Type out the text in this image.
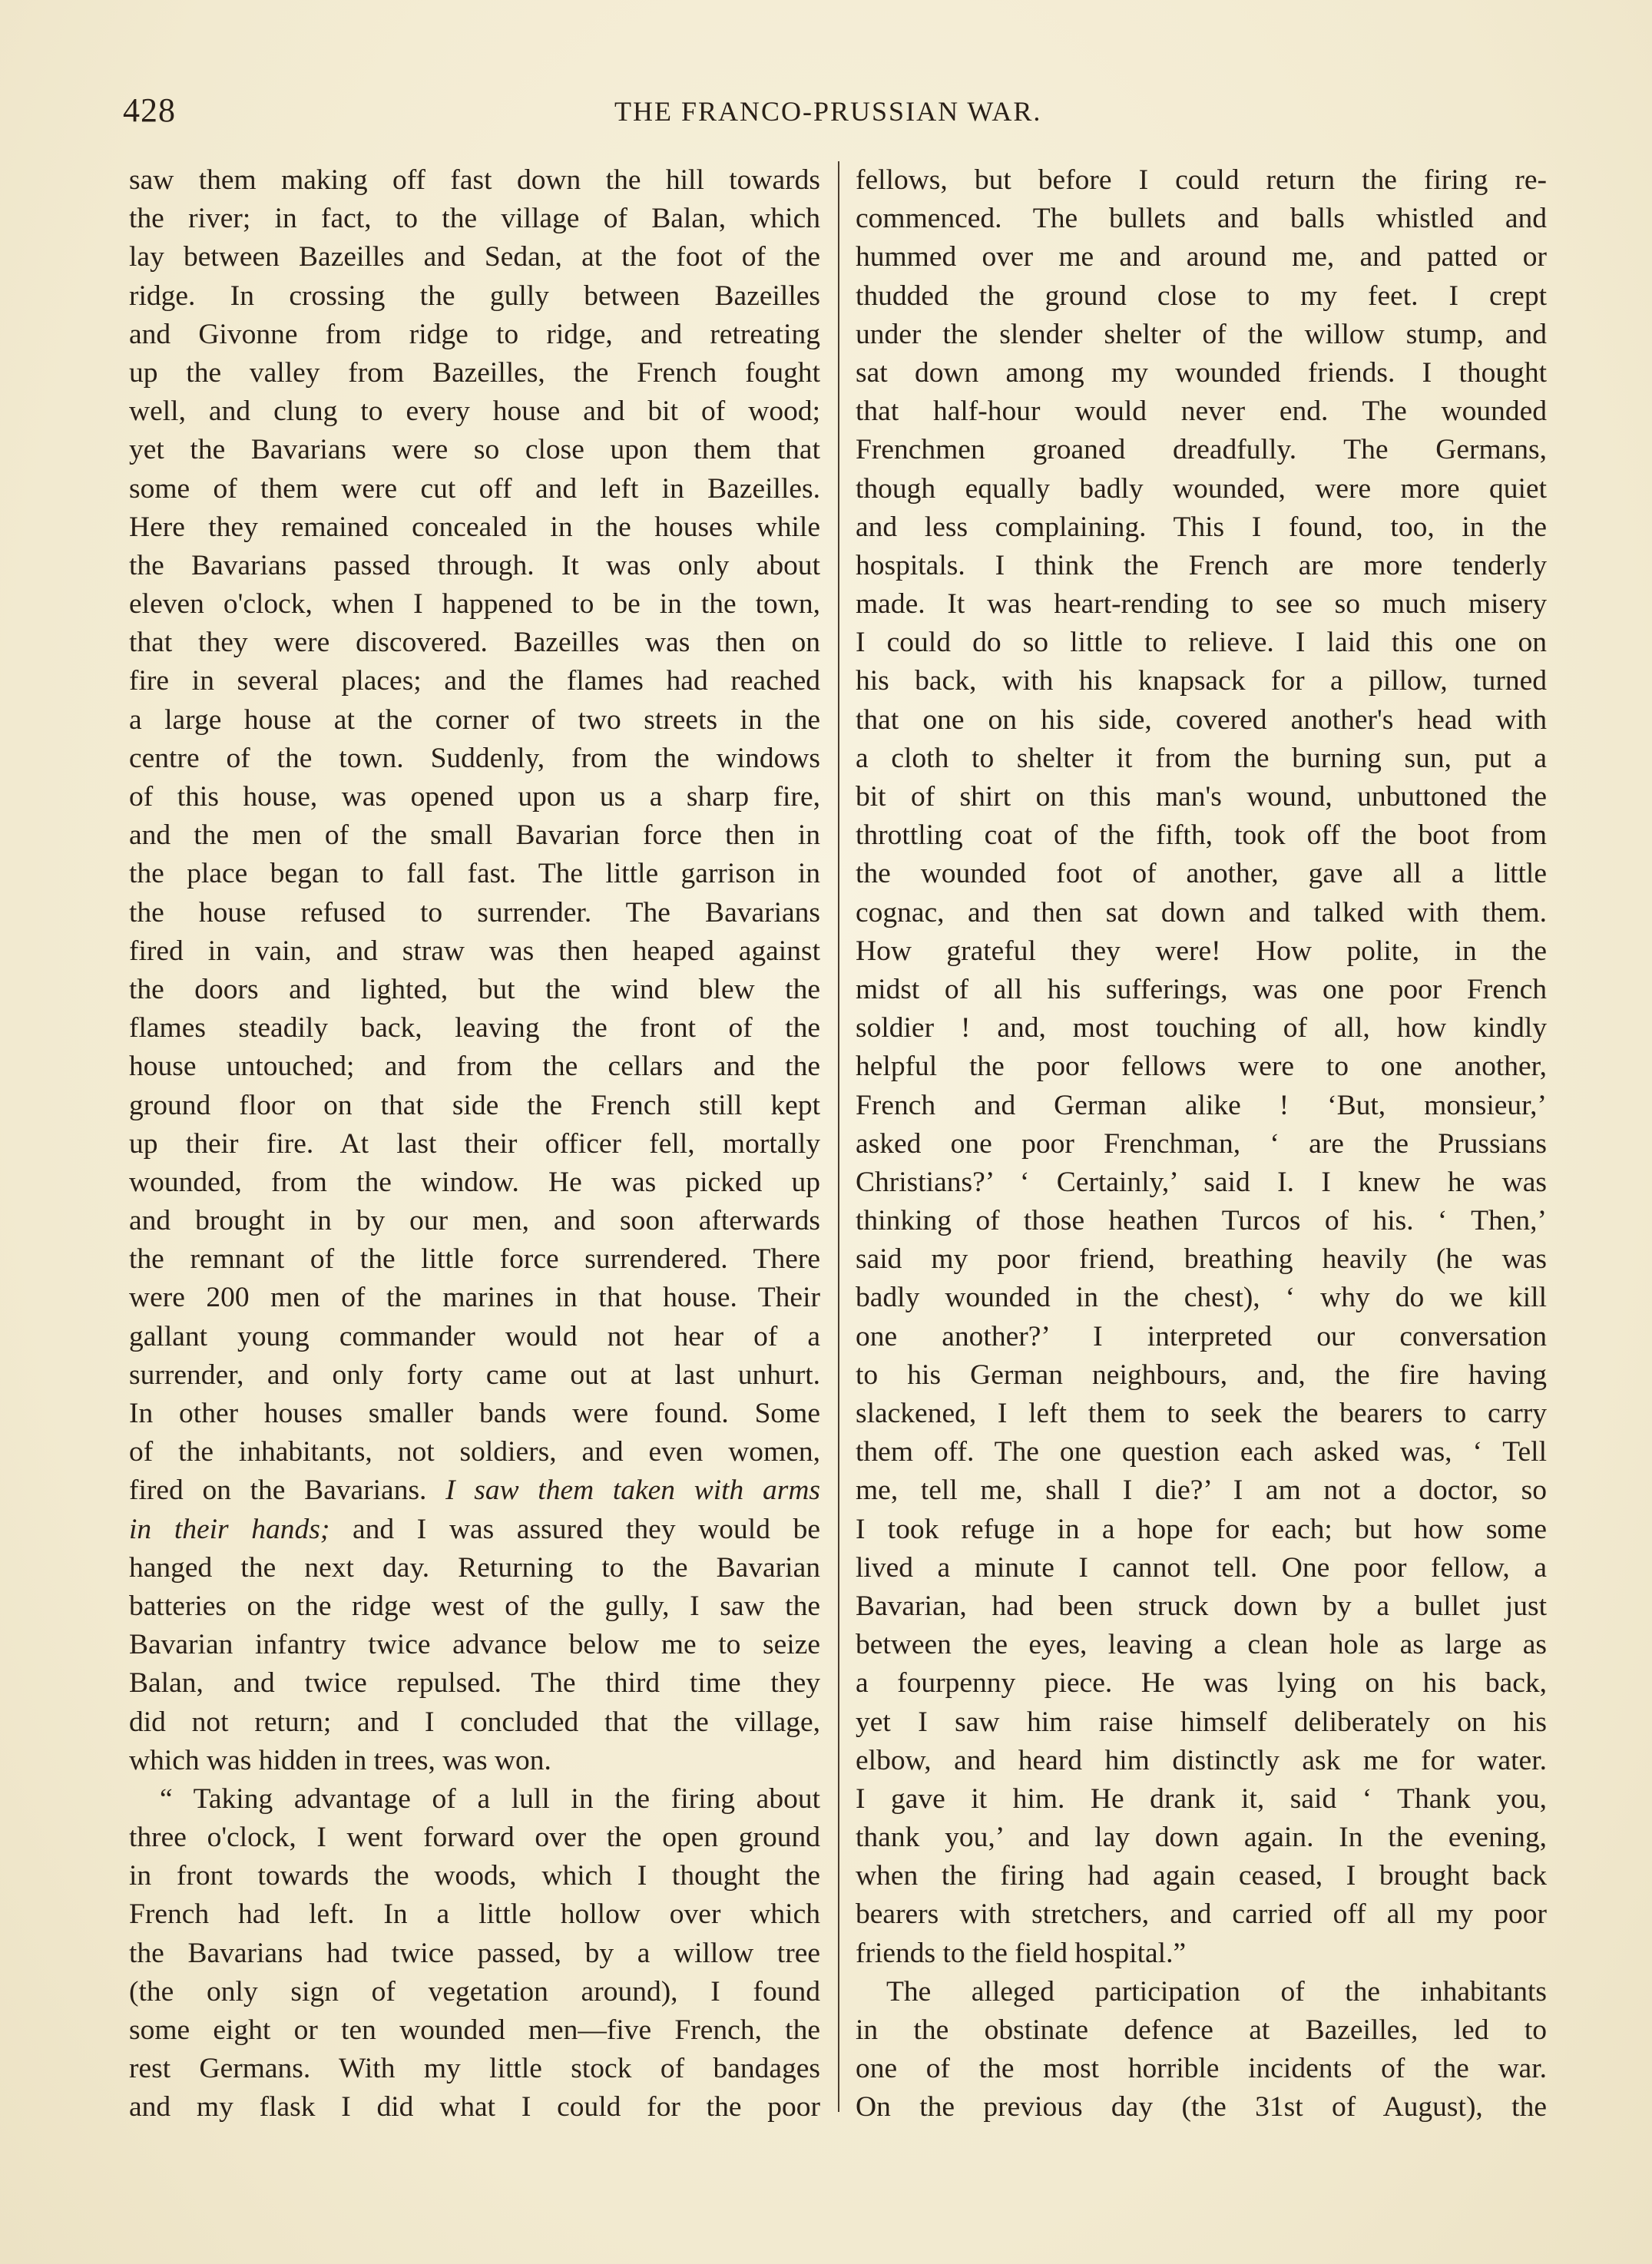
428	THE FRANCO-PRUSSIAN WAR.
saw them making off fast down the hill towards
the river; in fact, to the village of Balan, which
lay between Bazeilles and Sedan, at the foot of the
ridge. In crossing the gully between Bazeilles
and Givonne from ridge to ridge, and retreating
up the valley from Bazeilles, the French fought
well, and clung to every house and bit of wood;
yet the Bavarians were so close upon them that
some of them were cut off and left in Bazeilles.
Here they remained concealed in the houses while
the Bavarians passed through. It was only about
eleven o'clock, when I happened to be in the town,
that they were discovered. Bazeilles was then on
fire in several places; and the flames had reached
a large house at the corner of two streets in the
centre of the town. Suddenly, from the windows
of this house, was opened upon us a sharp fire,
and the men of the small Bavarian force then in
the place began to fall fast. The little garrison in
the house refused to surrender. The Bavarians
fired in vain, and straw was then heaped against
the doors and lighted, but the wind blew the
flames steadily back, leaving the front of the
house untouched; and from the cellars and the
ground floor on that side the French still kept
up their fire. At last their officer fell, mortally
wounded, from the window. He was picked up
and brought in by our men, and soon afterwards
the remnant of the little force surrendered. There
were 200 men of the marines in that house. Their
gallant young commander would not hear of a
surrender, and only forty came out at last unhurt.
In other houses smaller bands were found. Some
of the inhabitants, not soldiers, and even women,
fired on the Bavarians. I saw them taken with arms
in their hands; and I was assured they would be
hanged the next day. Returning to the Bavarian
batteries on the ridge west of the gully, I saw the
Bavarian infantry twice advance below me to seize
Balan, and twice repulsed. The third time they
did not return; and I concluded that the village,
which was hidden in trees, was won.
“ Taking advantage of a lull in the firing about
three o'clock, I went forward over the open ground
in front towards the woods, which I thought the
French had left. In a little hollow over which
the Bavarians had twice passed, by a willow tree
(the only sign of vegetation around), I found
some eight or ten wounded men—five French, the
rest Germans. With my little stock of bandages
and my flask I did what I could for the poor
fellows, but before I could return the firing re-
commenced. The bullets and balls whistled and
hummed over me and around me, and patted or
thudded the ground close to my feet. I crept
under the slender shelter of the willow stump, and
sat down among my wounded friends. I thought
that half-hour would never end. The wounded
Frenchmen groaned dreadfully. The Germans,
though equally badly wounded, were more quiet
and less complaining. This I found, too, in the
hospitals. I think the French are more tenderly
made. It was heart-rending to see so much misery
I could do so little to relieve. I laid this one on
his back, with his knapsack for a pillow, turned
that one on his side, covered another's head with
a cloth to shelter it from the burning sun, put a
bit of shirt on this man's wound, unbuttoned the
throttling coat of the fifth, took off the boot from
the wounded foot of another, gave all a little
cognac, and then sat down and talked with them.
How grateful they were! How polite, in the
midst of all his sufferings, was one poor French
soldier ! and, most touching of all, how kindly
helpful the poor fellows were to one another,
French and German alike ! ‘But, monsieur,’
asked one poor Frenchman, ‘ are the Prussians
Christians?’ ‘ Certainly,’ said I. I knew he was
thinking of those heathen Turcos of his. ‘ Then,’
said my poor friend, breathing heavily (he was
badly wounded in the chest), ‘ why do we kill
one another?’ I interpreted our conversation
to his German neighbours, and, the fire having
slackened, I left them to seek the bearers to carry
them off. The one question each asked was, ‘ Tell
me, tell me, shall I die?’ I am not a doctor, so
I took refuge in a hope for each; but how some
lived a minute I cannot tell. One poor fellow, a
Bavarian, had been struck down by a bullet just
between the eyes, leaving a clean hole as large as
a fourpenny piece. He was lying on his back,
yet I saw him raise himself deliberately on his
elbow, and heard him distinctly ask me for water.
I gave it him. He drank it, said ‘ Thank you,
thank you,’ and lay down again. In the evening,
when the firing had again ceased, I brought back
bearers with stretchers, and carried off all my poor
friends to the field hospital.”
The alleged participation of the inhabitants
in the obstinate defence at Bazeilles, led to
one of the most horrible incidents of the war.
On the previous day (the 31st of August), the
